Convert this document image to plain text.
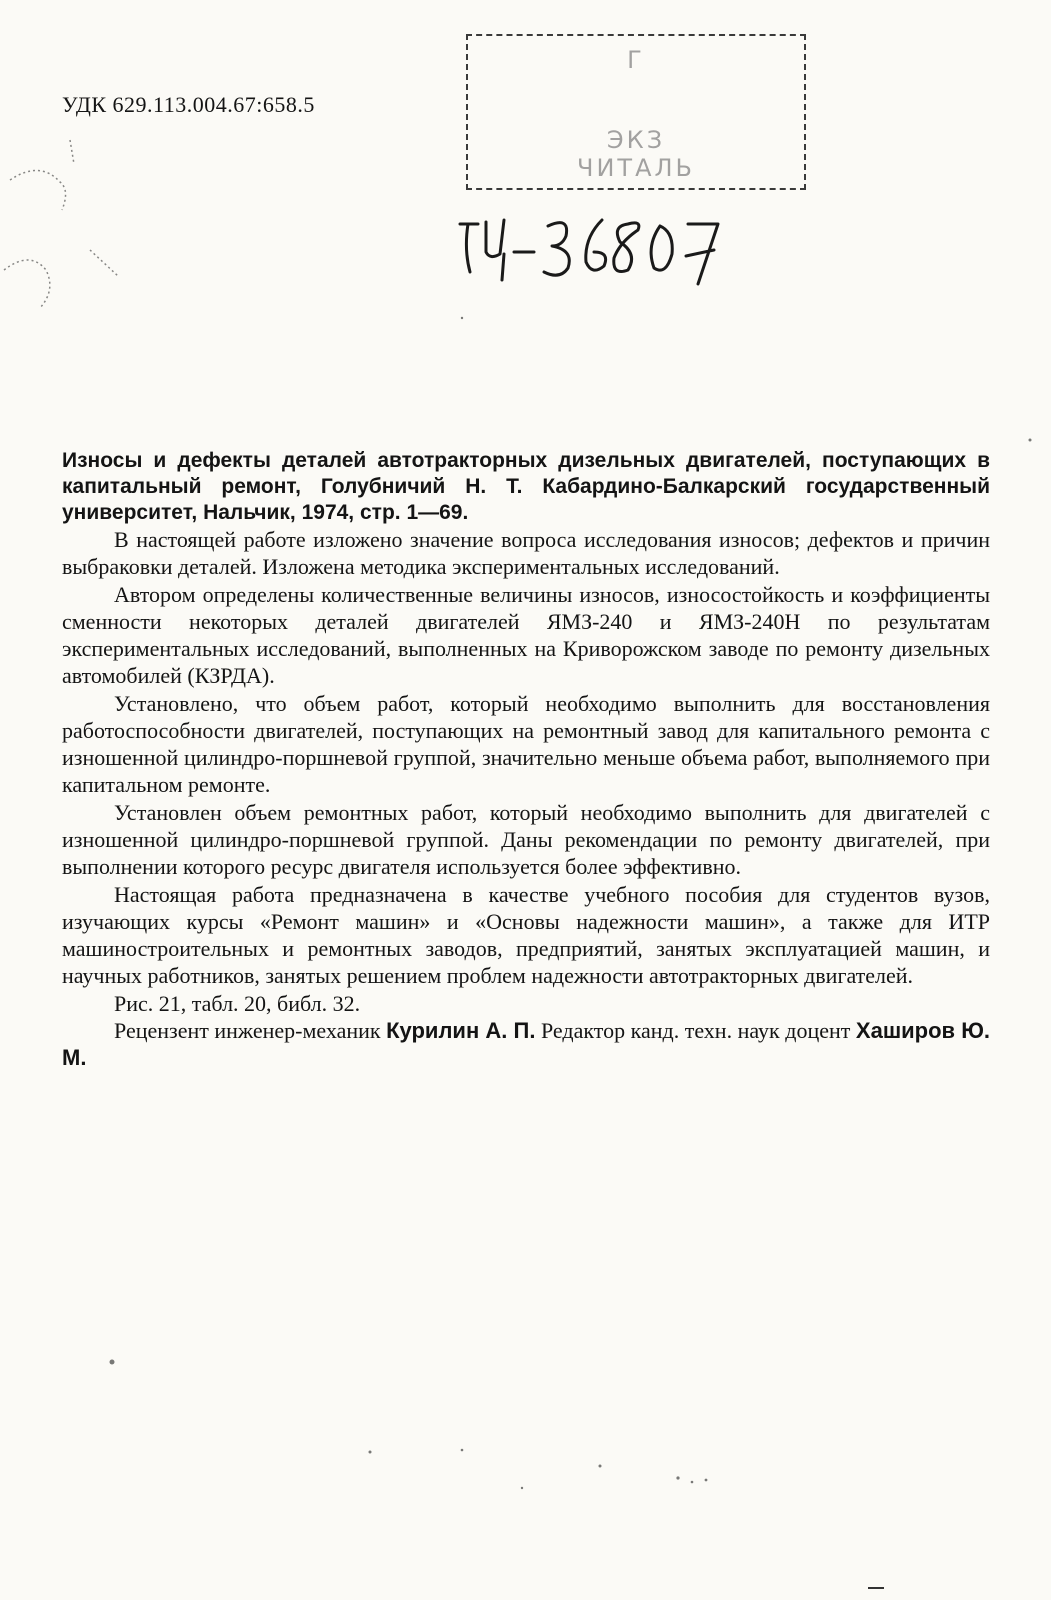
УДК 629.113.004.67:658.5
Г
ЭКЗ
ЧИТАЛЬ

Износы и дефекты деталей автотракторных дизельных двигателей, поступающих в капитальный ремонт, Голубничий Н. Т. Кабардино-Балкарский государственный университет, Нальчик, 1974, стр. 1—69.

В настоящей работе изложено значение вопроса исследования износов; дефектов и причин выбраковки деталей. Изложена методика экспериментальных исследований.

Автором определены количественные величины износов, износостойкость и коэффициенты сменности некоторых деталей двигателей ЯМЗ-240 и ЯМЗ-240Н по результатам экспериментальных исследований, выполненных на Криворожском заводе по ремонту дизельных автомобилей (КЗРДА).

Установлено, что объем работ, который необходимо выполнить для восстановления работоспособности двигателей, поступающих на ремонтный завод для капитального ремонта с изношенной цилиндро-поршневой группой, значительно меньше объема работ, выполняемого при капитальном ремонте.

Установлен объем ремонтных работ, который необходимо выполнить для двигателей с изношенной цилиндро-поршневой группой. Даны рекомендации по ремонту двигателей, при выполнении которого ресурс двигателя используется более эффективно.

Настоящая работа предназначена в качестве учебного пособия для студентов вузов, изучающих курсы «Ремонт машин» и «Основы надежности машин», а также для ИТР машиностроительных и ремонтных заводов, предприятий, занятых эксплуатацией машин, и научных работников, занятых решением проблем надежности автотракторных двигателей.

Рис. 21, табл. 20, библ. 32.

Рецензент инженер-механик Курилин А. П. Редактор канд. техн. наук доцент Хаширов Ю. М.
